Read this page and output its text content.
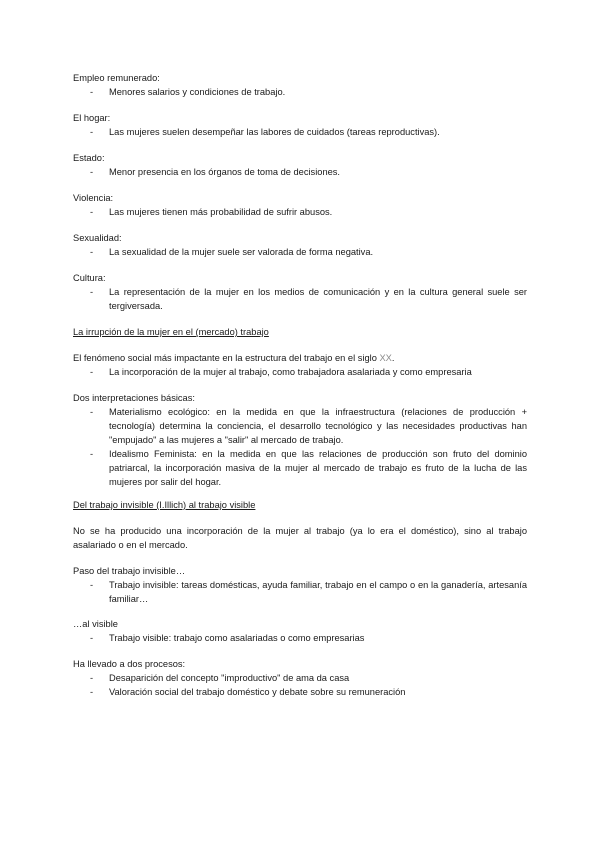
Empleo remunerado:

- Menores salarios y condiciones de trabajo.

El hogar:

- Las mujeres suelen desempeñar las labores de cuidados (tareas reproductivas).

Estado:

- Menor presencia en los órganos de toma de decisiones.

Violencia:

- Las mujeres tienen más probabilidad de sufrir abusos.

Sexualidad:

- La sexualidad de la mujer suele ser valorada de forma negativa.

Cultura:

- La representación de la mujer en los medios de comunicación y en la cultura general suele ser tergiversada.

La irrupción de la mujer en el (mercado) trabajo

El fenómeno social más impactante en la estructura del trabajo en el siglo XX.

- La incorporación de la mujer al trabajo, como trabajadora asalariada y como empresaria

Dos interpretaciones básicas:

- Materialismo ecológico: en la medida en que la infraestructura (relaciones de producción + tecnología) determina la conciencia, el desarrollo tecnológico y las necesidades productivas han "empujado" a las mujeres a "salir" al mercado de trabajo.
- Idealismo Feminista: en la medida en que las relaciones de producción son fruto del dominio patriarcal, la incorporación masiva de la mujer al mercado de trabajo es fruto de la lucha de las mujeres por salir del hogar.

Del trabajo invisible (I.Illich) al trabajo visible

No se ha producido una incorporación de la mujer al trabajo (ya lo era el doméstico), sino al trabajo asalariado o en el mercado.

Paso del trabajo invisible…

- Trabajo invisible: tareas domésticas, ayuda familiar, trabajo en el campo o en la ganadería, artesanía familiar…

…al visible

- Trabajo visible: trabajo como asalariadas o como empresarias

Ha llevado a dos procesos:

- Desaparición del concepto "improductivo" de ama da casa
- Valoración social del trabajo doméstico y debate sobre su remuneración
